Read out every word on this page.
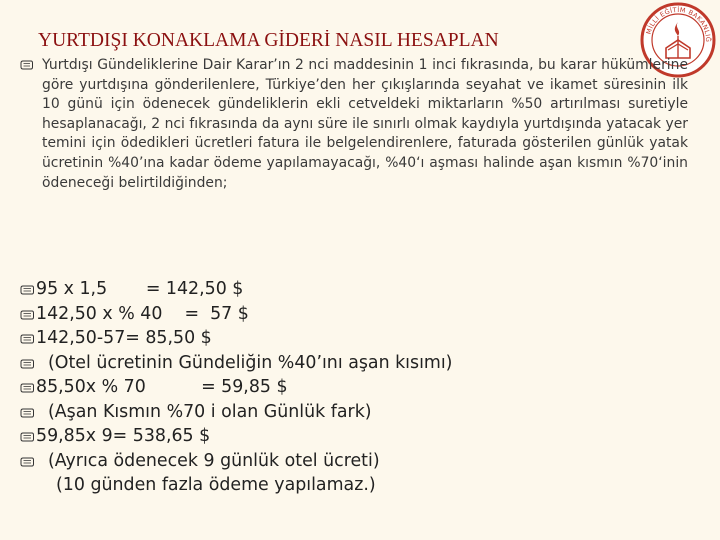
YURTDIŞI KONAKLAMA GİDERİ NASIL HESAPLAN	MİLLİ EĞİTİM BAKANLIĞ
Yurtdışı Gündeliklerine Dair Karar’ın 2 nci maddesinin 1 inci fıkrasında, bu karar hükümlerine göre yurtdışına gönderilenlere, Türkiye’den her çıkışlarında seyahat ve ikamet süresinin ilk 10 günü için ödenecek gündeliklerin ekli cetveldeki miktarların %50 artırılması suretiyle hesaplanacağı, 2 nci fıkrasında da aynı süre ile sınırlı olmak kaydıyla yurtdışında yatacak yer temini için ödedikleri ücretleri fatura ile belgelendirenlere, faturada gösterilen günlük yatak ücretinin %40’ına kadar ödeme yapılamayacağı, %40‘ı aşması halinde aşan kısmın %70‘inin ödeneceği belirtildiğinden;
95 x 1,5       = 142,50 $
142,50 x % 40    =  57 $
142,50-57= 85,50 $
(Otel ücretinin Gündeliğin %40’ını aşan kısımı)
85,50x % 70          = 59,85 $
(Aşan Kısmın %70 i olan Günlük fark)
59,85x 9= 538,65 $
(Ayrıca ödenecek 9 günlük otel ücreti)
(10 günden fazla ödeme yapılamaz.)
